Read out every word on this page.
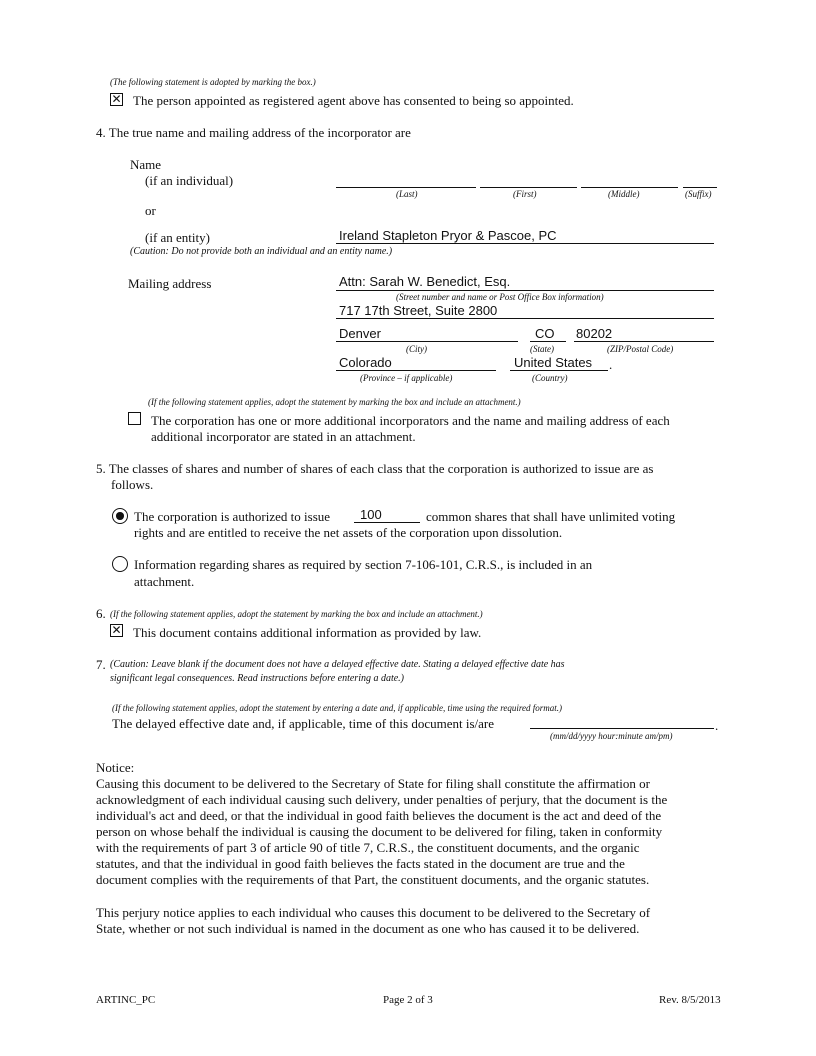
(The following statement is adopted by marking the box.)
✕ The person appointed as registered agent above has consented to being so appointed.
4. The true name and mailing address of the incorporator are
Name
(if an individual)
(Last)	(First)	(Middle)	(Suffix)
or
(if an entity)	Ireland Stapleton Pryor & Pascoe, PC
(Caution: Do not provide both an individual and an entity name.)
Mailing address	Attn: Sarah W. Benedict, Esq.
(Street number and name or Post Office Box information)
717 17th Street, Suite 2800
Denver	CO 80202
(City)	(State)	(ZIP/Postal Code)
Colorado	United States .
(Province – if applicable)	(Country)
(If the following statement applies, adopt the statement by marking the box and include an attachment.)
The corporation has one or more additional incorporators and the name and mailing address of each
additional incorporator are stated in an attachment.
5. The classes of shares and number of shares of each class that the corporation is authorized to issue are as
follows.
The corporation is authorized to issue 100	common shares that shall have unlimited voting
rights and are entitled to receive the net assets of the corporation upon dissolution.
Information regarding shares as required by section 7-106-101, C.R.S., is included in an
attachment.
6. (If the following statement applies, adopt the statement by marking the box and include an attachment.)
✕ This document contains additional information as provided by law.
7. (Caution: Leave blank if the document does not have a delayed effective date. Stating a delayed effective date has
significant legal consequences. Read instructions before entering a date.)
(If the following statement applies, adopt the statement by entering a date and, if applicable, time using the required format.)
The delayed effective date and, if applicable, time of this document is/are	.
(mm/dd/yyyy hour:minute am/pm)
Notice:
Causing this document to be delivered to the Secretary of State for filing shall constitute the affirmation or
acknowledgment of each individual causing such delivery, under penalties of perjury, that the document is the
individual's act and deed, or that the individual in good faith believes the document is the act and deed of the
person on whose behalf the individual is causing the document to be delivered for filing, taken in conformity
with the requirements of part 3 of article 90 of title 7, C.R.S., the constituent documents, and the organic
statutes, and that the individual in good faith believes the facts stated in the document are true and the
document complies with the requirements of that Part, the constituent documents, and the organic statutes.
This perjury notice applies to each individual who causes this document to be delivered to the Secretary of
State, whether or not such individual is named in the document as one who has caused it to be delivered.
ARTINC_PC	Page 2 of 3	Rev. 8/5/2013
